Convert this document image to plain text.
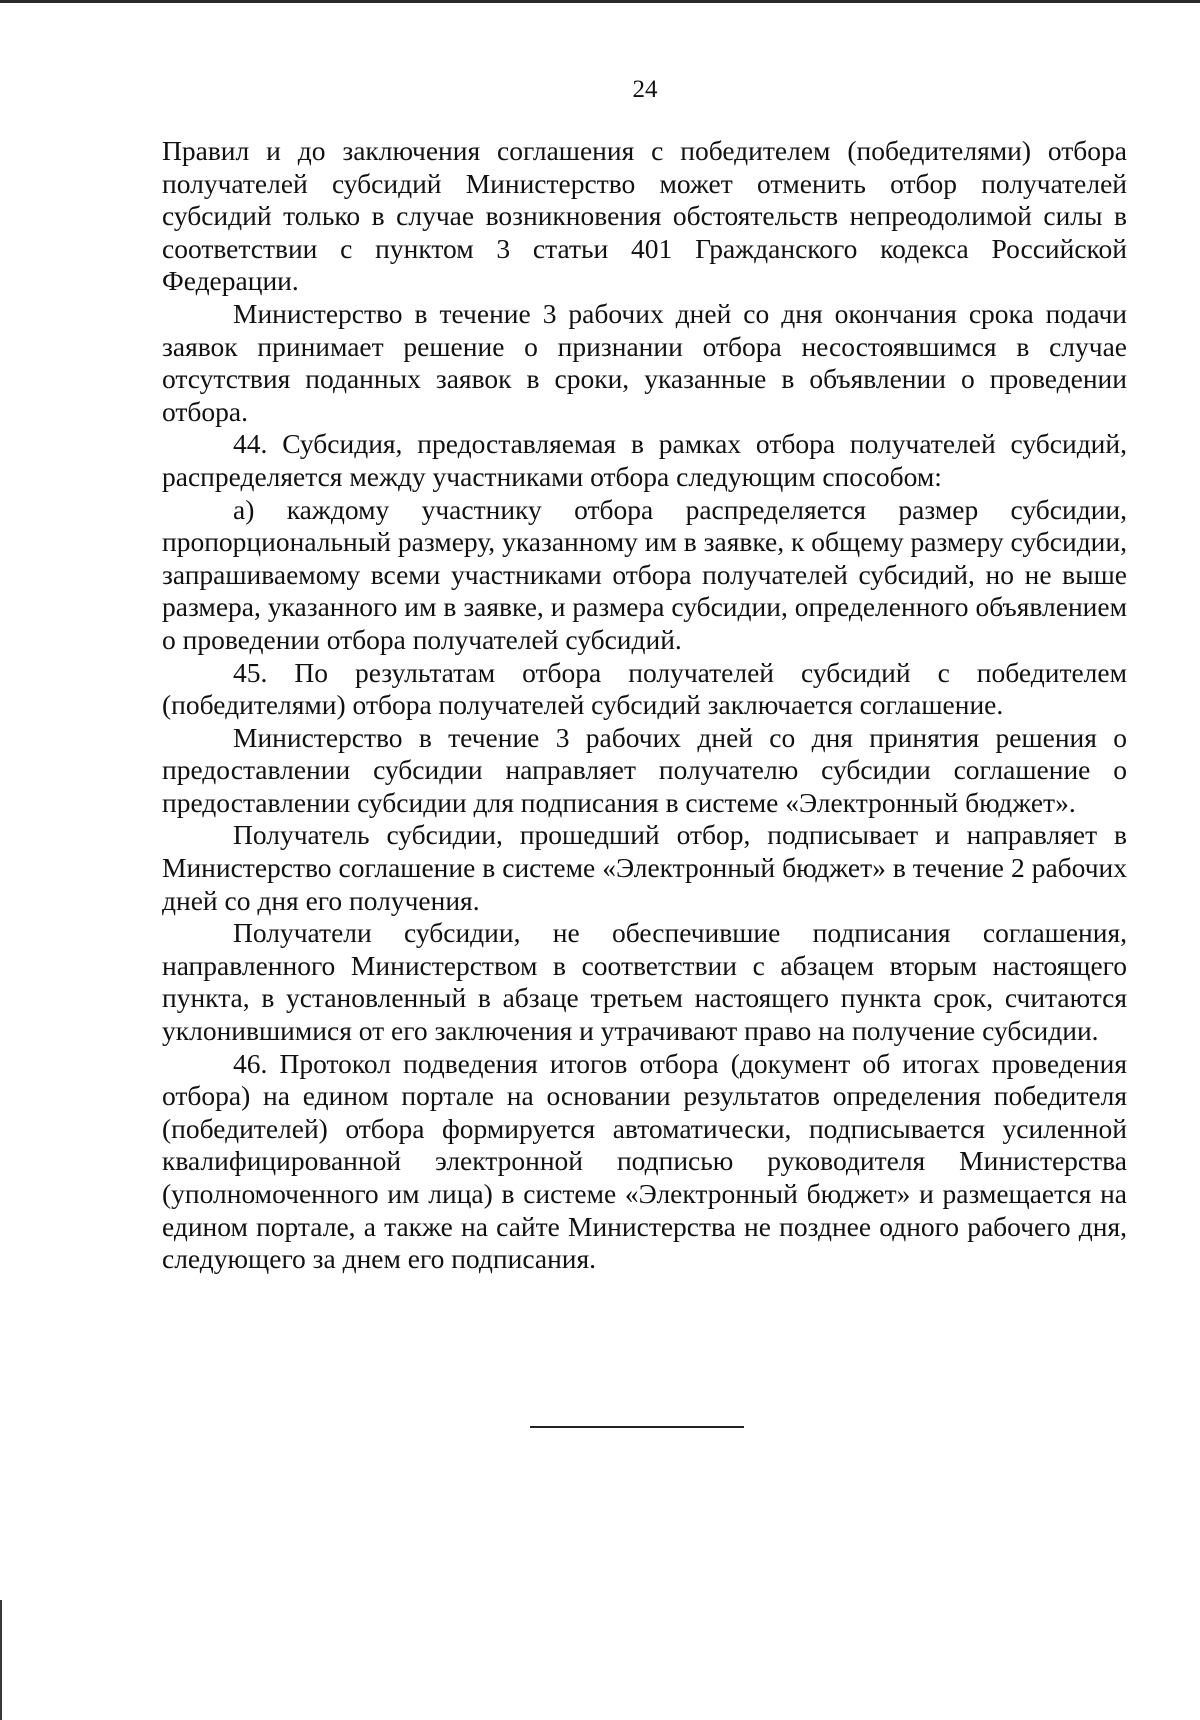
24

Правил и до заключения соглашения с победителем (победителями) отбора получателей субсидий Министерство может отменить отбор получателей субсидий только в случае возникновения обстоятельств непреодолимой силы в соответствии с пунктом 3 статьи 401 Гражданского кодекса Российской Федерации.

Министерство в течение 3 рабочих дней со дня окончания срока подачи заявок принимает решение о признании отбора несостоявшимся в случае отсутствия поданных заявок в сроки, указанные в объявлении о проведении отбора.

44. Субсидия, предоставляемая в рамках отбора получателей субсидий, распределяется между участниками отбора следующим способом:

а) каждому участнику отбора распределяется размер субсидии, пропорциональный размеру, указанному им в заявке, к общему размеру субсидии, запрашиваемому всеми участниками отбора получателей субсидий, но не выше размера, указанного им в заявке, и размера субсидии, определенного объявлением о проведении отбора получателей субсидий.

45. По результатам отбора получателей субсидий с победителем (победителями) отбора получателей субсидий заключается соглашение.

Министерство в течение 3 рабочих дней со дня принятия решения о предоставлении субсидии направляет получателю субсидии соглашение о предоставлении субсидии для подписания в системе «Электронный бюджет».

Получатель субсидии, прошедший отбор, подписывает и направляет в Министерство соглашение в системе «Электронный бюджет» в течение 2 рабочих дней со дня его получения.

Получатели субсидии, не обеспечившие подписания соглашения, направленного Министерством в соответствии с абзацем вторым настоящего пункта, в установленный в абзаце третьем настоящего пункта срок, считаются уклонившимися от его заключения и утрачивают право на получение субсидии.

46. Протокол подведения итогов отбора (документ об итогах проведения отбора) на едином портале на основании результатов определения победителя (победителей) отбора формируется автоматически, подписывается усиленной квалифицированной электронной подписью руководителя Министерства (уполномоченного им лица) в системе «Электронный бюджет» и размещается на едином портале, а также на сайте Министерства не позднее одного рабочего дня, следующего за днем его подписания.
